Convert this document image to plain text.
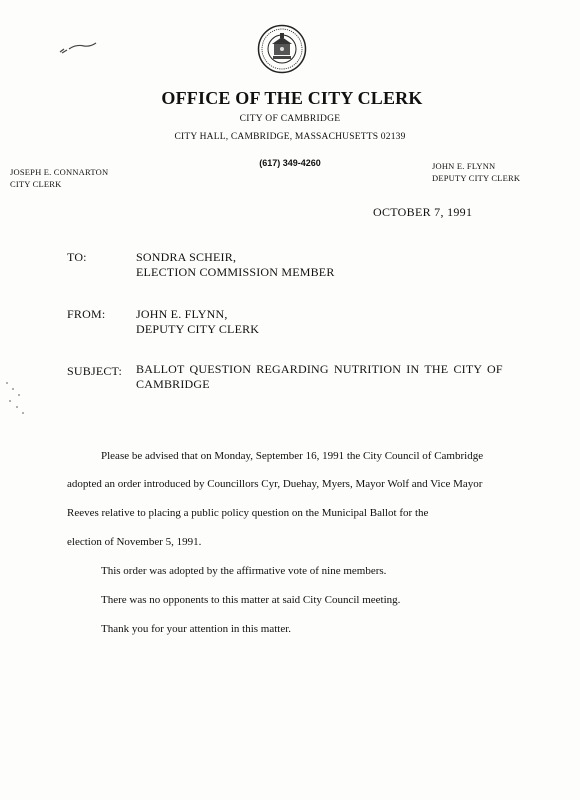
OFFICE OF THE CITY CLERK
CITY OF CAMBRIDGE
CITY HALL, CAMBRIDGE, MASSACHUSETTS 02139
(617) 349-4260
JOSEPH E. CONNARTON
CITY CLERK
JOHN E. FLYNN
DEPUTY CITY CLERK
OCTOBER 7, 1991
TO:	SONDRA SCHEIR,
ELECTION COMMISSION MEMBER
FROM:	JOHN E. FLYNN,
DEPUTY CITY CLERK
SUBJECT: BALLOT QUESTION REGARDING NUTRITION IN THE CITY OF
CAMBRIDGE
Please be advised that on Monday, September 16, 1991 the City Council of Cambridge
adopted an order introduced by Councillors Cyr, Duehay, Myers, Mayor Wolf and Vice Mayor
Reeves relative to placing a public policy question on the Municipal Ballot for the
election of November 5, 1991.
This order was adopted by the affirmative vote of nine members.
There was no opponents to this matter at said City Council meeting.
Thank you for your attention in this matter.
